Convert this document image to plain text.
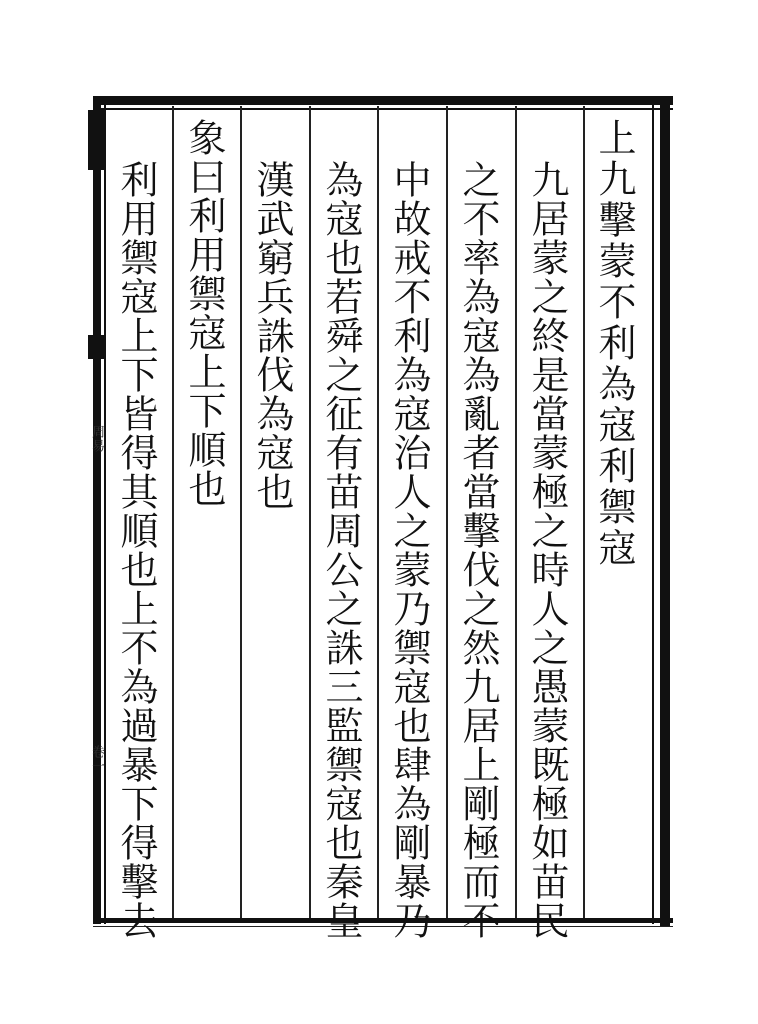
周易
卷一
上九擊蒙不利為寇利禦寇
九居蒙之終是當蒙極之時人之愚蒙既極如苗民
之不率為寇為亂者當擊伐之然九居上剛極而不
中故戒不利為寇治人之蒙乃禦寇也肆為剛暴乃
為寇也若舜之征有苗周公之誅三監禦寇也秦皇
漢武窮兵誅伐為寇也
象曰利用禦寇上下順也
利用禦寇上下皆得其順也上不為過暴下得擊去
